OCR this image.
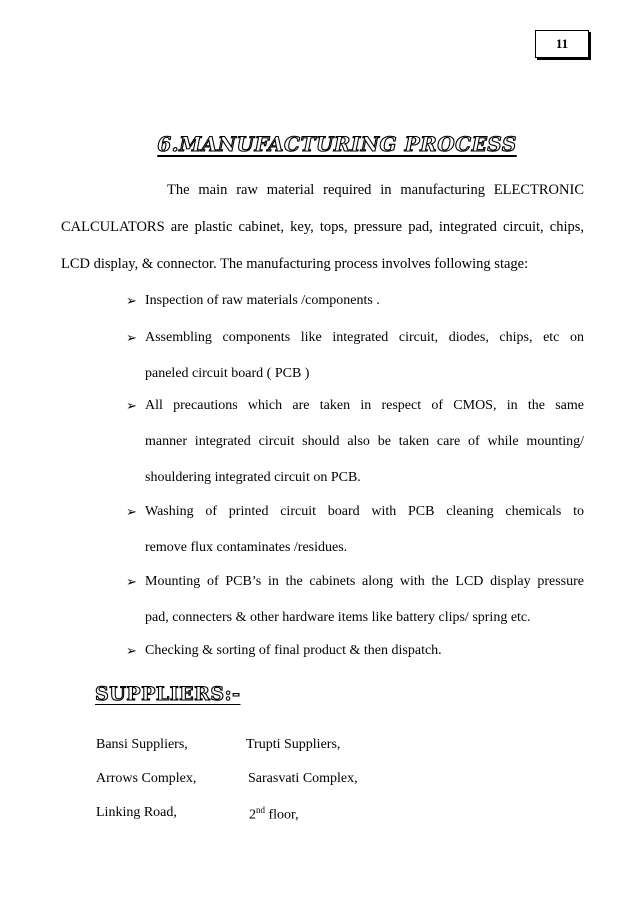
11
6.MANUFACTURING PROCESS
The main raw material required in manufacturing ELECTRONIC
CALCULATORS are plastic cabinet, key, tops, pressure pad, integrated circuit, chips,
LCD display, & connector. The manufacturing process involves following stage:
➢ Inspection of raw materials /components .
➢ Assembling components like integrated circuit, diodes, chips, etc on
paneled circuit board ( PCB )
➢ All precautions which are taken in respect of CMOS, in the same
manner integrated circuit should also be taken care of while mounting/
shouldering integrated circuit on PCB.
➢ Washing of printed circuit board with PCB cleaning chemicals to
remove flux contaminates /residues.
➢ Mounting of PCB’s in the cabinets along with the LCD display pressure
pad, connecters & other hardware items like battery clips/ spring etc.
➢ Checking & sorting of final product & then dispatch.
SUPPLIERS:-
Bansi Suppliers,	Trupti Suppliers,
Arrows Complex,	Sarasvati Complex,
Linking Road,	2nd floor,
